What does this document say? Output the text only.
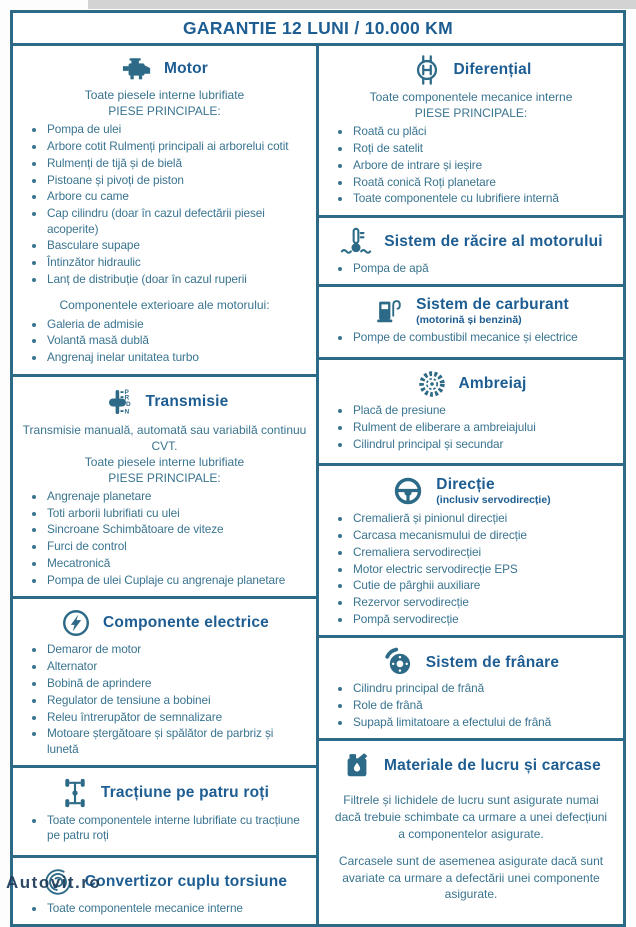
GARANTIE 12 LUNI / 10.000 KM
Motor
Toate piesele interne lubrifiate
PIESE PRINCIPALE:
• Pompa de ulei
• Arbore cotit Rulmenți principali ai arborelui cotit
• Rulmenți de tijă și de bielă
• Pistoane și pivoți de piston
• Arbore cu came
• Cap cilindru (doar în cazul defectării piesei acoperite)
• Basculare supape
• Întinzător hidraulic
• Lanț de distribuție (doar în cazul ruperii
Componentele exterioare ale motorului:
• Galeria de admisie
• Volantă masă dublă
• Angrenaj inelar unitatea turbo
P
R
D
N
Transmisie
Transmisie manuală, automată sau variabilă continuu CVT.
Toate piesele interne lubrifiate
PIESE PRINCIPALE:
• Angrenaje planetare
• Toti arborii lubrifiati cu ulei
• Sincroane Schimbătoare de viteze
• Furci de control
• Mecatronică
• Pompa de ulei Cuplaje cu angrenaje planetare
Componente electrice
• Demaror de motor
• Alternator
• Bobină de aprindere
• Regulator de tensiune a bobinei
• Releu întrerupător de semnalizare
• Motoare ștergătoare și spălător de parbriz și lunetă
Tracțiune pe patru roți
• Toate componentele interne lubrifiate cu tracțiune pe patru roți
Convertizor cuplu torsiune
• Toate componentele mecanice interne
Diferențial
Toate componentele mecanice interne
PIESE PRINCIPALE:
• Roată cu plăci
• Roți de satelit
• Arbore de intrare și ieșire
• Roată conică Roți planetare
• Toate componentele cu lubrifiere internă
Sistem de răcire al motorului
• Pompa de apă
Sistem de carburant
(motorină și benzină)
• Pompe de combustibil mecanice și electrice
Ambreiaj
• Placă de presiune
• Rulment de eliberare a ambreiajului
• Cilindrul principal și secundar
Direcție
(inclusiv servodirecție)
• Cremalieră și pinionul direcției
• Carcasa mecanismului de direcție
• Cremaliera servodirecției
• Motor electric servodirecție EPS
• Cutie de pârghii auxiliare
• Rezervor servodirecție
• Pompă servodirecție
Sistem de frânare
• Cilindru principal de frână
• Role de frână
• Supapă limitatoare a efectului de frână
Materiale de lucru și carcase
Filtrele și lichidele de lucru sunt asigurate numai dacă trebuie schimbate ca urmare a unei defecțiuni a componentelor asigurate.
Carcasele sunt de asemenea asigurate dacă sunt avariate ca urmare a defectării unei componente asigurate.
Autovit.ro
